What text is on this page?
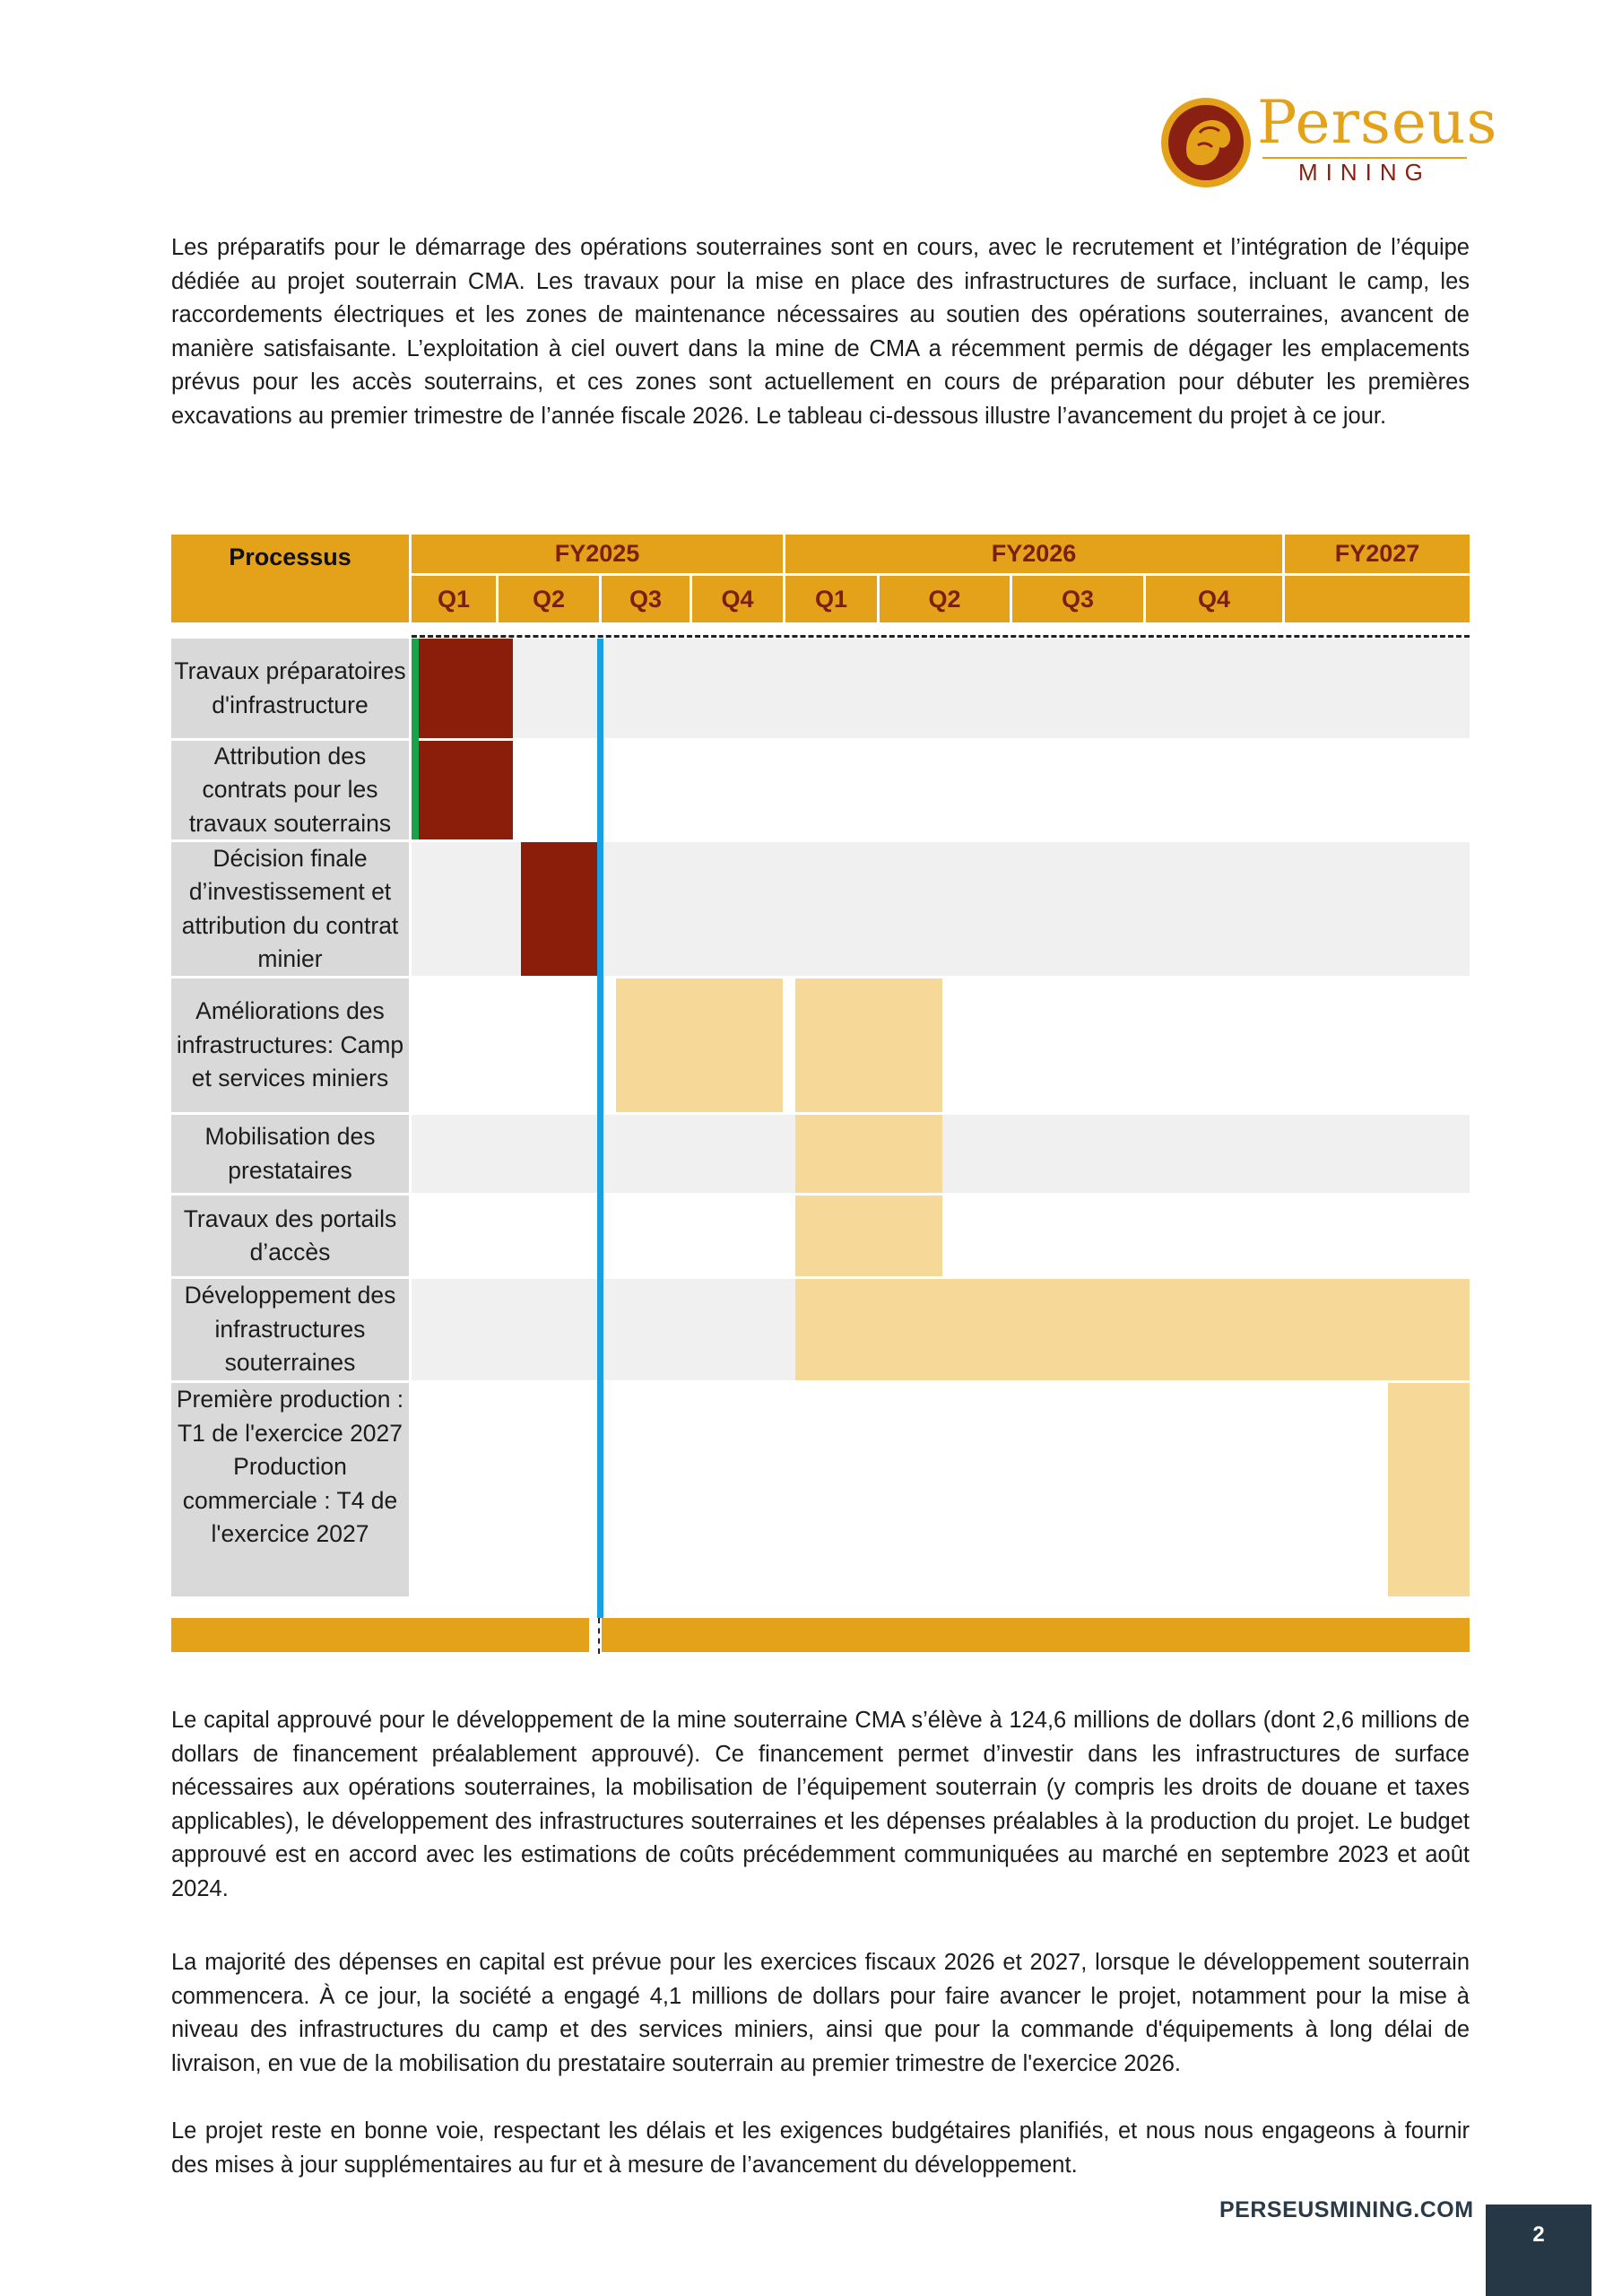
Perseus
MINING

Les préparatifs pour le démarrage des opérations souterraines sont en cours, avec le recrutement et l’intégration de l’équipe dédiée au projet souterrain CMA. Les travaux pour la mise en place des infrastructures de surface, incluant le camp, les raccordements électriques et les zones de maintenance nécessaires au soutien des opérations souterraines, avancent de manière satisfaisante. L’exploitation à ciel ouvert dans la mine de CMA a récemment permis de dégager les emplacements prévus pour les accès souterrains, et ces zones sont actuellement en cours de préparation pour débuter les premières excavations au premier trimestre de l’année fiscale 2026. Le tableau ci-dessous illustre l’avancement du projet à ce jour.

Processus	FY2025	FY2026	FY2027
Q1	Q2	Q3	Q4	Q1	Q2	Q3	Q4
Travaux préparatoires d'infrastructure
Attribution des contrats pour les travaux souterrains
Décision finale d’investissement et attribution du contrat minier
Améliorations des infrastructures: Camp et services miniers
Mobilisation des prestataires
Travaux des portails d’accès
Développement des infrastructures souterraines
Première production : T1 de l'exercice 2027 Production commerciale : T4 de l'exercice 2027

Le capital approuvé pour le développement de la mine souterraine CMA s’élève à 124,6 millions de dollars (dont 2,6 millions de dollars de financement préalablement approuvé). Ce financement permet d’investir dans les infrastructures de surface nécessaires aux opérations souterraines, la mobilisation de l’équipement souterrain (y compris les droits de douane et taxes applicables), le développement des infrastructures souterraines et les dépenses préalables à la production du projet. Le budget approuvé est en accord avec les estimations de coûts précédemment communiquées au marché en septembre 2023 et août 2024.

La majorité des dépenses en capital est prévue pour les exercices fiscaux 2026 et 2027, lorsque le développement souterrain commencera. À ce jour, la société a engagé 4,1 millions de dollars pour faire avancer le projet, notamment pour la mise à niveau des infrastructures du camp et des services miniers, ainsi que pour la commande d'équipements à long délai de livraison, en vue de la mobilisation du prestataire souterrain au premier trimestre de l'exercice 2026.

Le projet reste en bonne voie, respectant les délais et les exigences budgétaires planifiés, et nous nous engageons à fournir des mises à jour supplémentaires au fur et à mesure de l’avancement du développement.

PERSEUSMINING.COM
2
